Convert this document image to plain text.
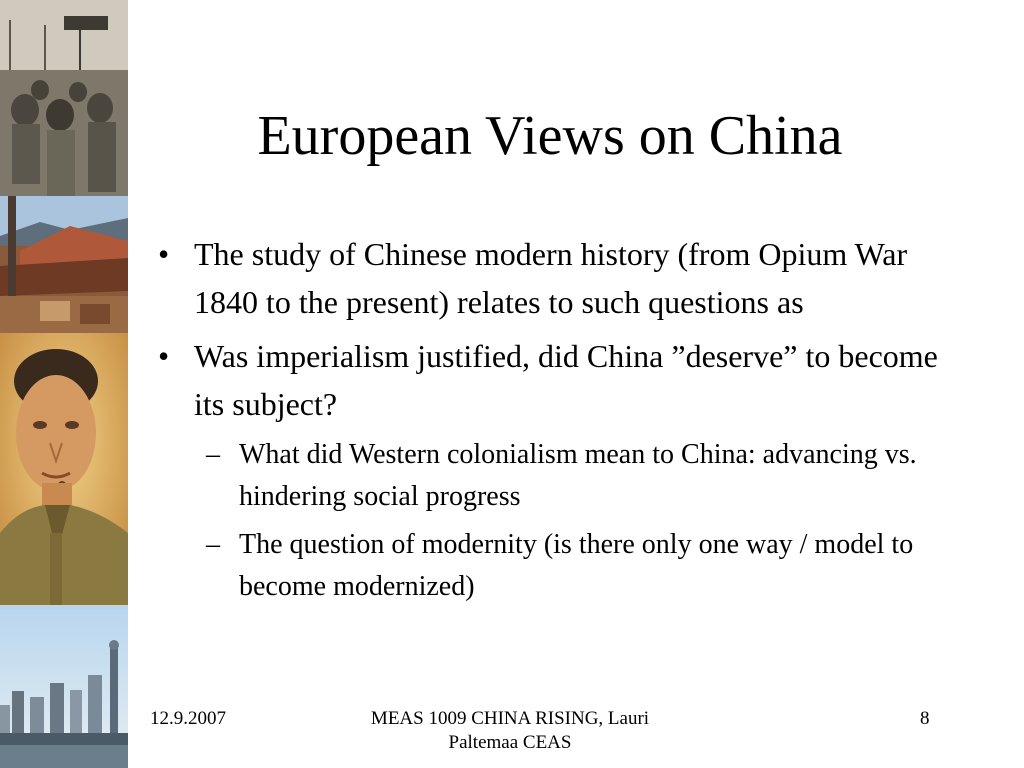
European Views on China
• The study of Chinese modern history (from Opium War 1840 to the present) relates to such questions as
• Was imperialism justified, did China ”deserve” to become its subject?
– What did Western colonialism mean to China: advancing vs. hindering social progress
– The question of modernity (is there only one way / model to become modernized)
12.9.2007	MEAS 1009 CHINA RISING, Lauri
Paltemaa CEAS
8
